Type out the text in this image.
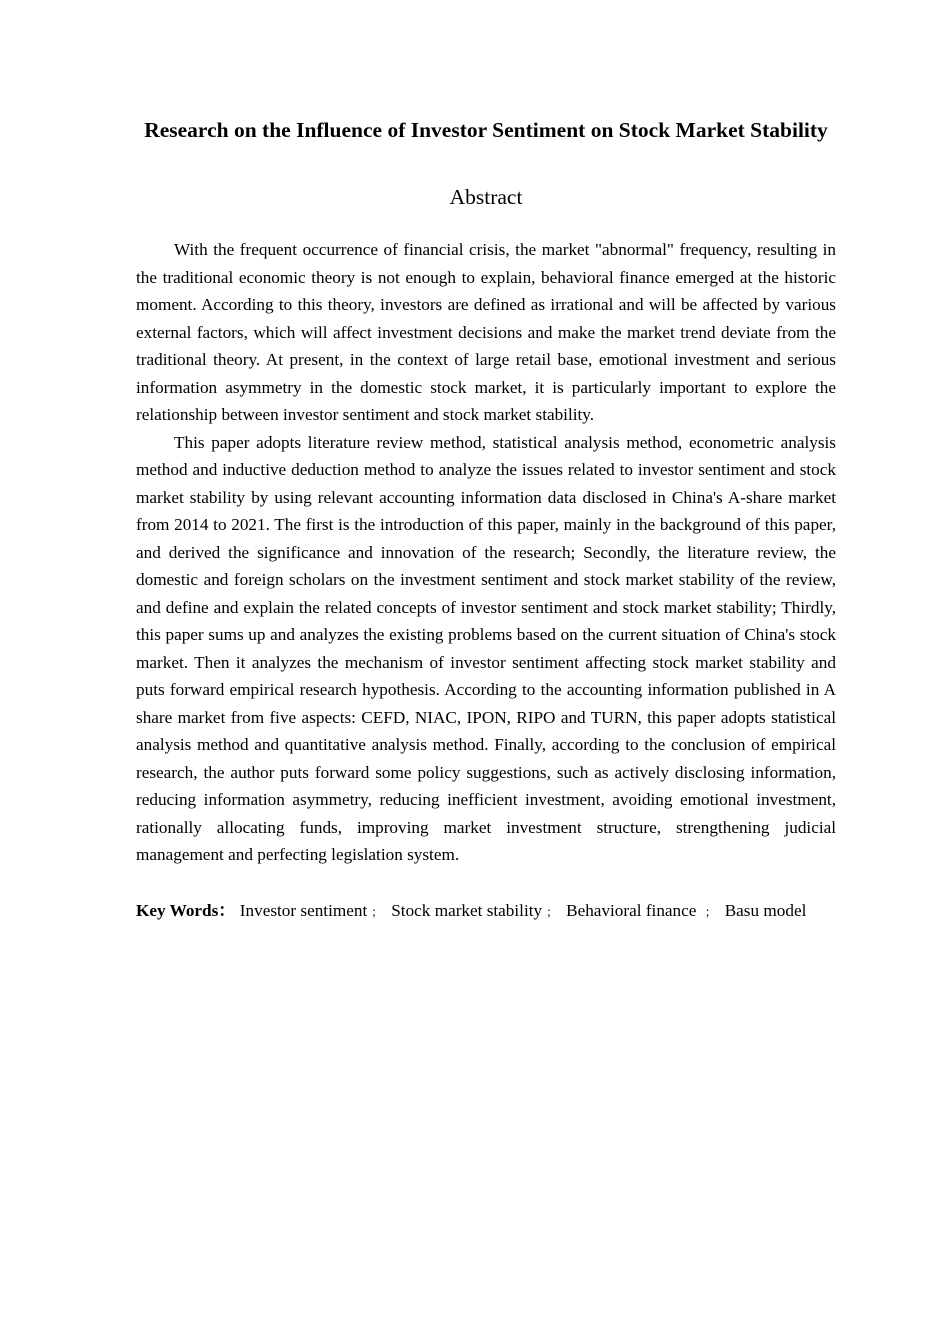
Research on the Influence of Investor Sentiment on Stock Market Stability
Abstract

With the frequent occurrence of financial crisis, the market "abnormal" frequency, resulting in the traditional economic theory is not enough to explain, behavioral finance emerged at the historic moment. According to this theory, investors are defined as irrational and will be affected by various external factors, which will affect investment decisions and make the market trend deviate from the traditional theory. At present, in the context of large retail base, emotional investment and serious information asymmetry in the domestic stock market, it is particularly important to explore the relationship between investor sentiment and stock market stability.

This paper adopts literature review method, statistical analysis method, econometric analysis method and inductive deduction method to analyze the issues related to investor sentiment and stock market stability by using relevant accounting information data disclosed in China's A-share market from 2014 to 2021. The first is the introduction of this paper, mainly in the background of this paper, and derived the significance and innovation of the research; Secondly, the literature review, the domestic and foreign scholars on the investment sentiment and stock market stability of the review, and define and explain the related concepts of investor sentiment and stock market stability; Thirdly, this paper sums up and analyzes the existing problems based on the current situation of China's stock market. Then it analyzes the mechanism of investor sentiment affecting stock market stability and puts forward empirical research hypothesis. According to the accounting information published in A share market from five aspects: CEFD, NIAC, IPON, RIPO and TURN, this paper adopts statistical analysis method and quantitative analysis method. Finally, according to the conclusion of empirical research, the author puts forward some policy suggestions, such as actively disclosing information, reducing information asymmetry, reducing inefficient investment, avoiding emotional investment, rationally allocating funds, improving market investment structure, strengthening judicial management and perfecting legislation system.

Key Words： Investor sentiment ； Stock market stability ； Behavioral finance ； Basu model
